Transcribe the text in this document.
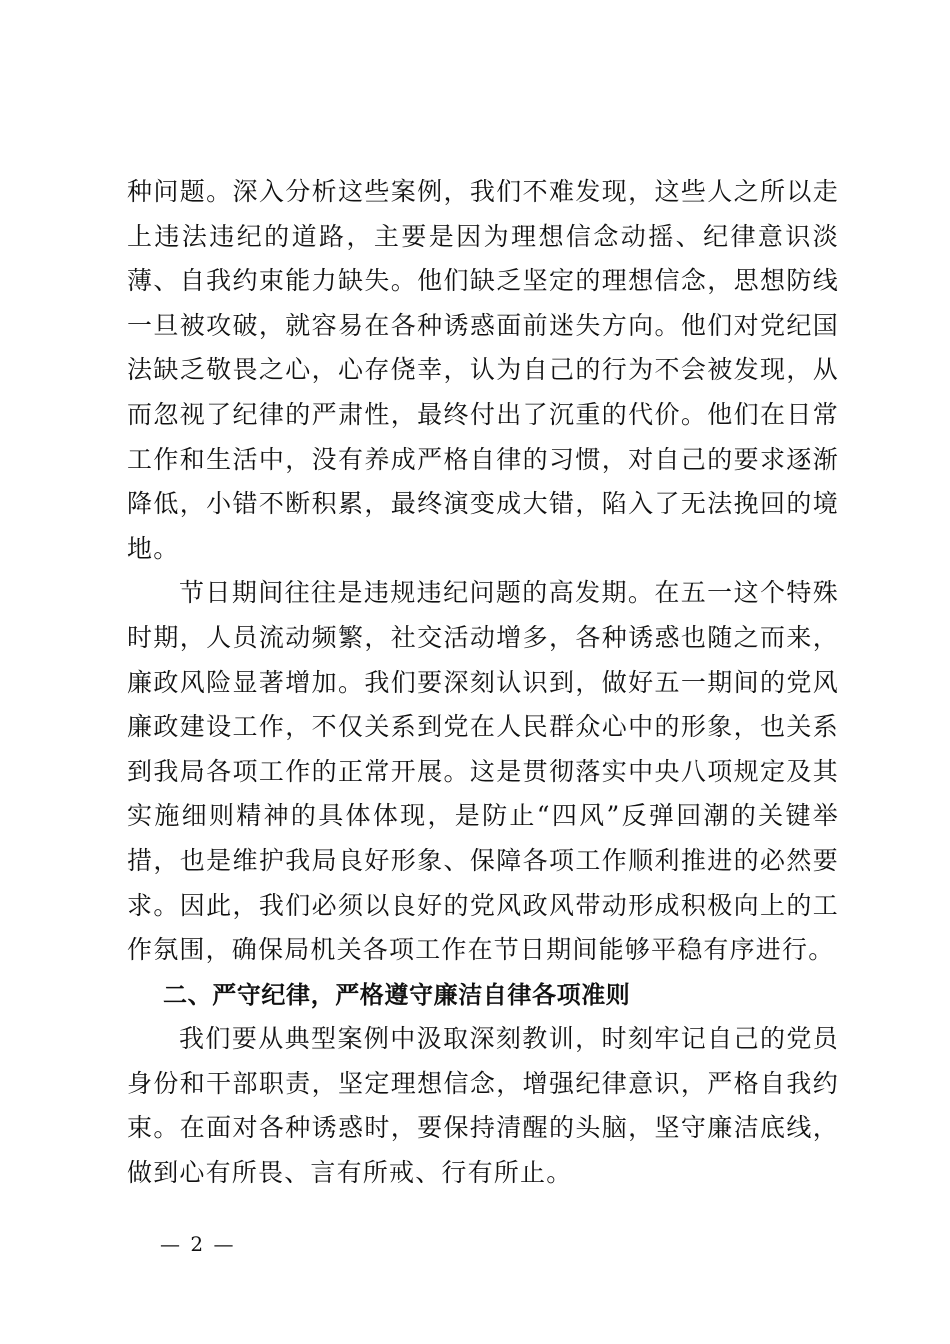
种问题。深入分析这些案例，我们不难发现，这些人之所以走上违法违纪的道路，主要是因为理想信念动摇、纪律意识淡薄、自我约束能力缺失。他们缺乏坚定的理想信念，思想防线一旦被攻破，就容易在各种诱惑面前迷失方向。他们对党纪国法缺乏敬畏之心，心存侥幸，认为自己的行为不会被发现，从而忽视了纪律的严肃性，最终付出了沉重的代价。他们在日常工作和生活中，没有养成严格自律的习惯，对自己的要求逐渐降低，小错不断积累，最终演变成大错，陷入了无法挽回的境地。

节日期间往往是违规违纪问题的高发期。在五一这个特殊时期，人员流动频繁，社交活动增多，各种诱惑也随之而来，廉政风险显著增加。我们要深刻认识到，做好五一期间的党风廉政建设工作，不仅关系到党在人民群众心中的形象，也关系到我局各项工作的正常开展。这是贯彻落实中央八项规定及其实施细则精神的具体体现，是防止“四风”反弹回潮的关键举措，也是维护我局良好形象、保障各项工作顺利推进的必然要求。因此，我们必须以良好的党风政风带动形成积极向上的工作氛围，确保局机关各项工作在节日期间能够平稳有序进行。

二、严守纪律，严格遵守廉洁自律各项准则

我们要从典型案例中汲取深刻教训，时刻牢记自己的党员身份和干部职责，坚定理想信念，增强纪律意识，严格自我约束。在面对各种诱惑时，要保持清醒的头脑，坚守廉洁底线，做到心有所畏、言有所戒、行有所止。

— 2 —
